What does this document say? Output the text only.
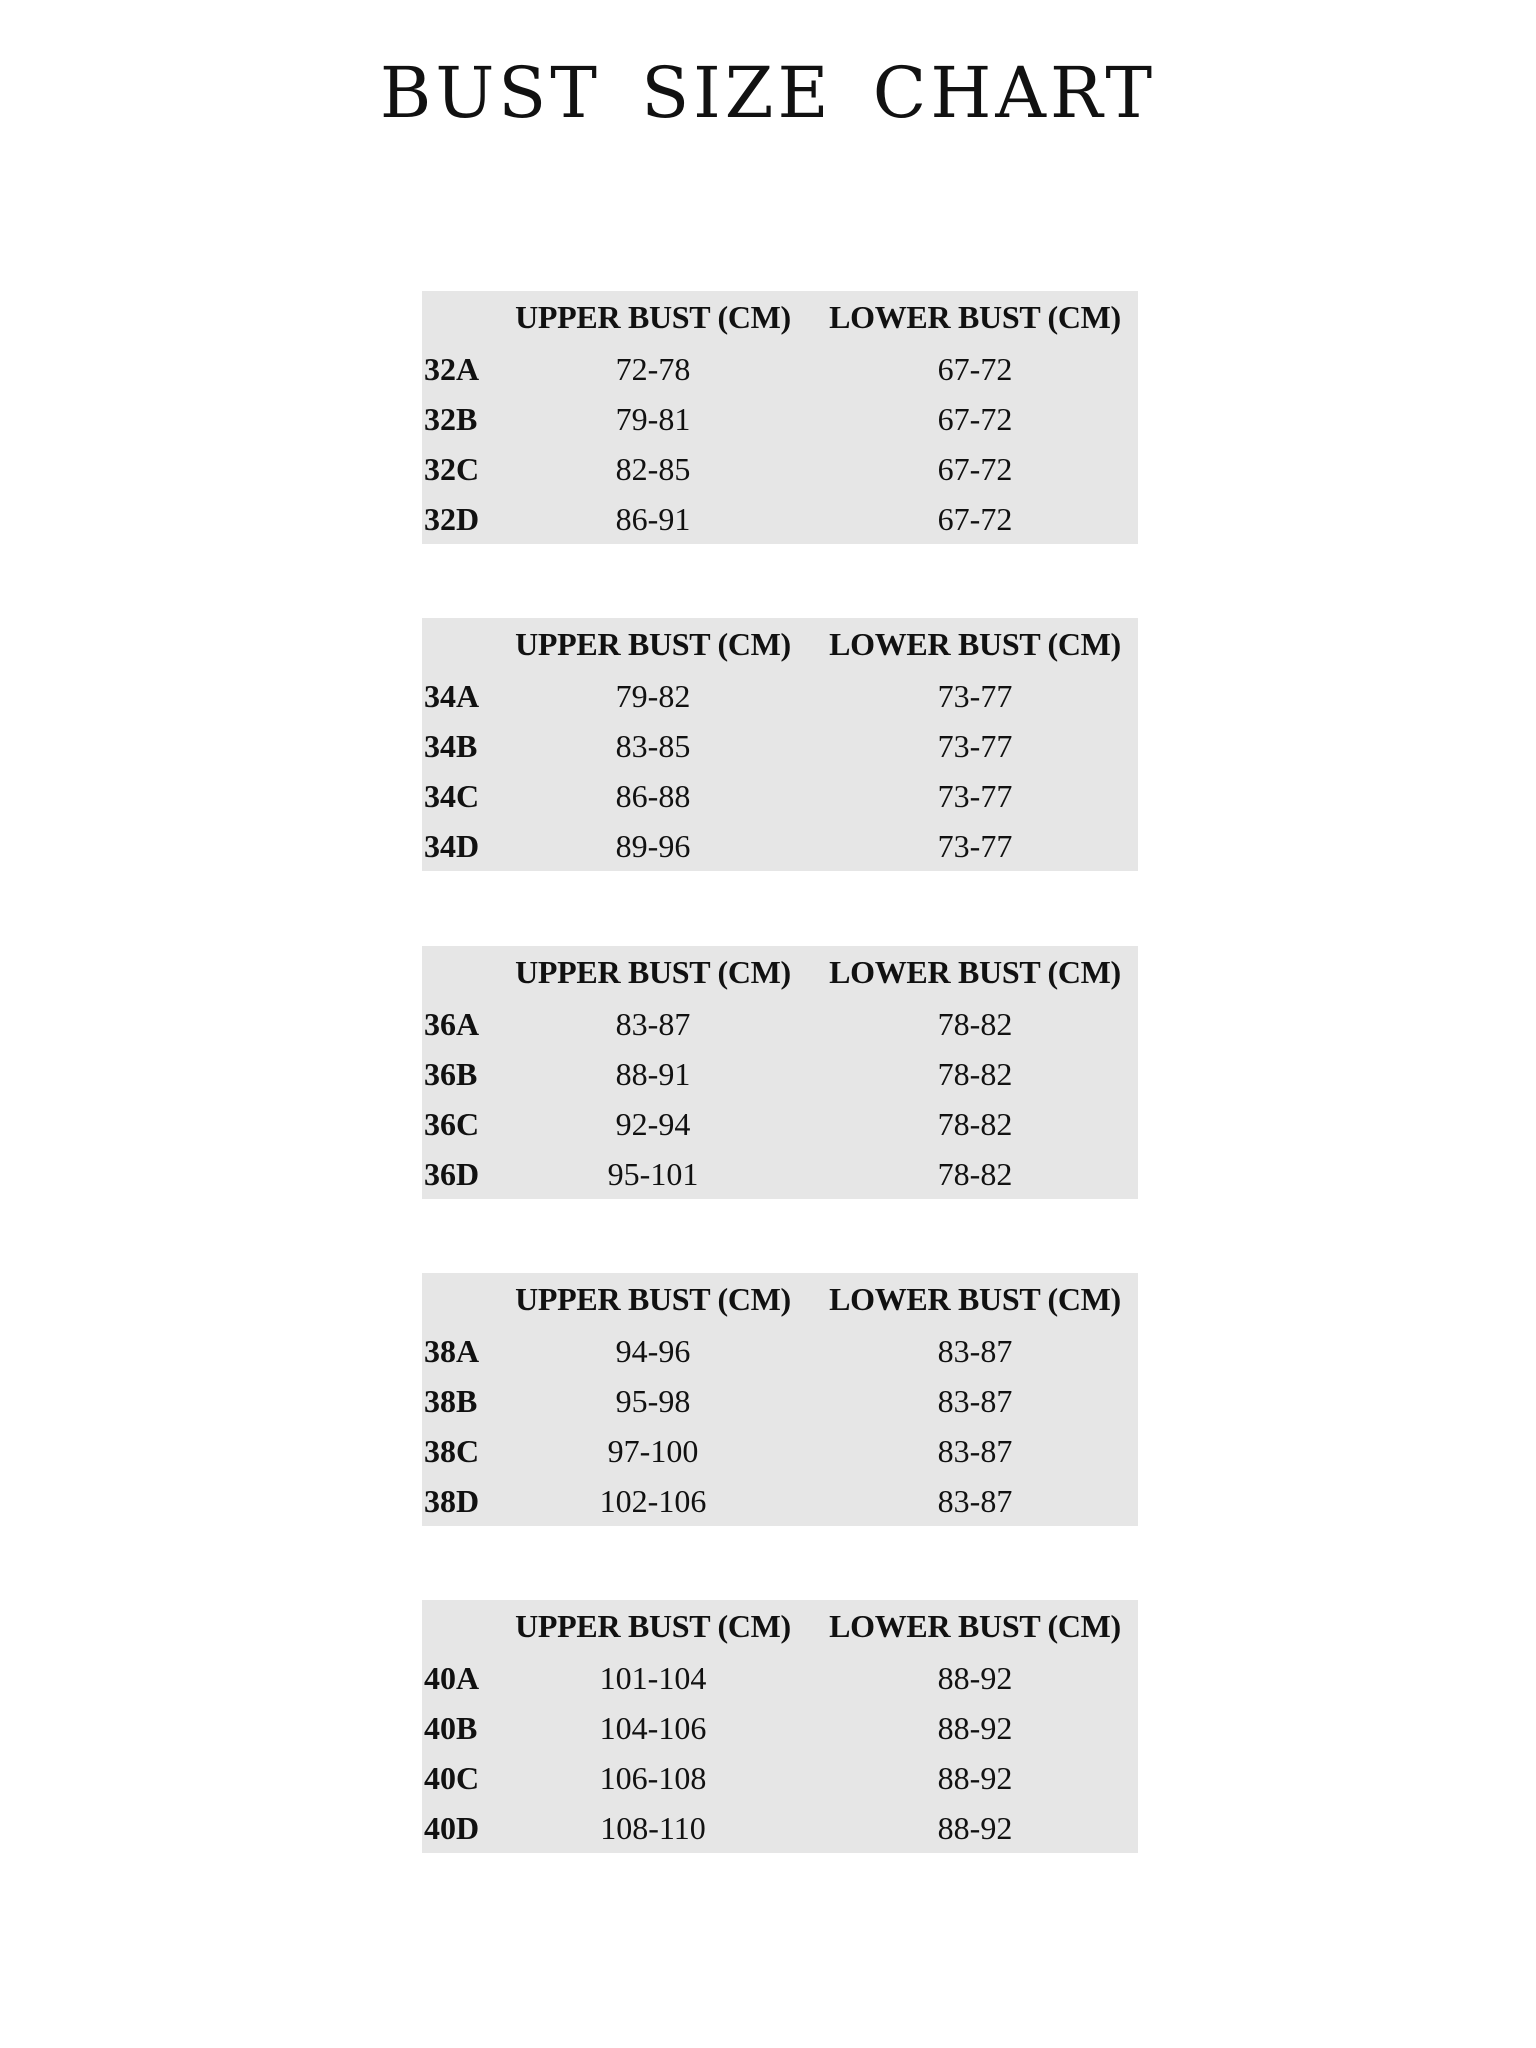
BUST SIZE CHART
	UPPER BUST (CM)	LOWER BUST (CM)
32A	72-78	67-72
32B	79-81	67-72
32C	82-85	67-72
32D	86-91	67-72
	UPPER BUST (CM)	LOWER BUST (CM)
34A	79-82	73-77
34B	83-85	73-77
34C	86-88	73-77
34D	89-96	73-77
	UPPER BUST (CM)	LOWER BUST (CM)
36A	83-87	78-82
36B	88-91	78-82
36C	92-94	78-82
36D	95-101	78-82
	UPPER BUST (CM)	LOWER BUST (CM)
38A	94-96	83-87
38B	95-98	83-87
38C	97-100	83-87
38D	102-106	83-87
	UPPER BUST (CM)	LOWER BUST (CM)
40A	101-104	88-92
40B	104-106	88-92
40C	106-108	88-92
40D	108-110	88-92
